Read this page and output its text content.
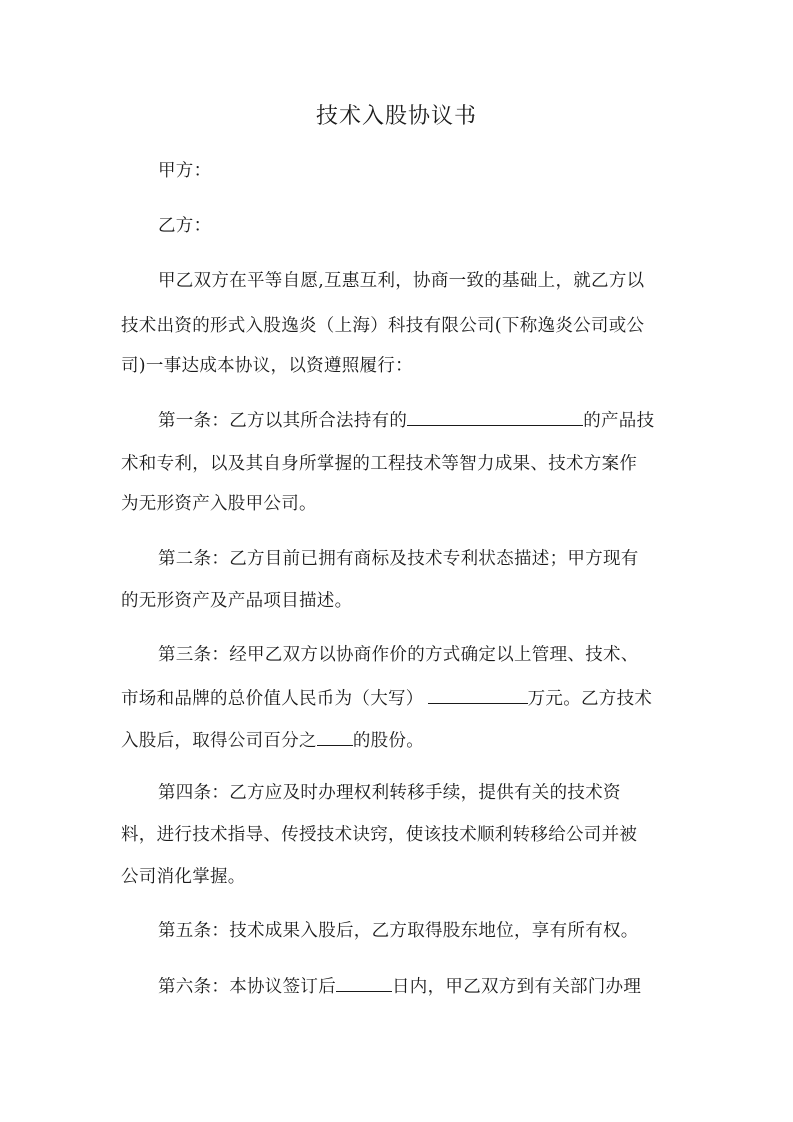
技术入股协议书
甲方：
乙方：
甲乙双方在平等自愿,互惠互利，协商一致的基础上，就乙方以
技术出资的形式入股逸炎（上海）科技有限公司(下称逸炎公司或公
司)一事达成本协议，以资遵照履行：
第一条：乙方以其所合法持有的	的产品技
术和专利，以及其自身所掌握的工程技术等智力成果、技术方案作
为无形资产入股甲公司。
第二条：乙方目前已拥有商标及技术专利状态描述；甲方现有
的无形资产及产品项目描述。
第三条：经甲乙双方以协商作价的方式确定以上管理、技术、
市场和品牌的总价值人民币为（大写）	万元。乙方技术
入股后，取得公司百分之 的股份。
第四条：乙方应及时办理权利转移手续，提供有关的技术资
料，进行技术指导、传授技术诀窍，使该技术顺利转移给公司并被
公司消化掌握。
第五条：技术成果入股后，乙方取得股东地位，享有所有权。
第六条：本协议签订后	日内，甲乙双方到有关部门办理
